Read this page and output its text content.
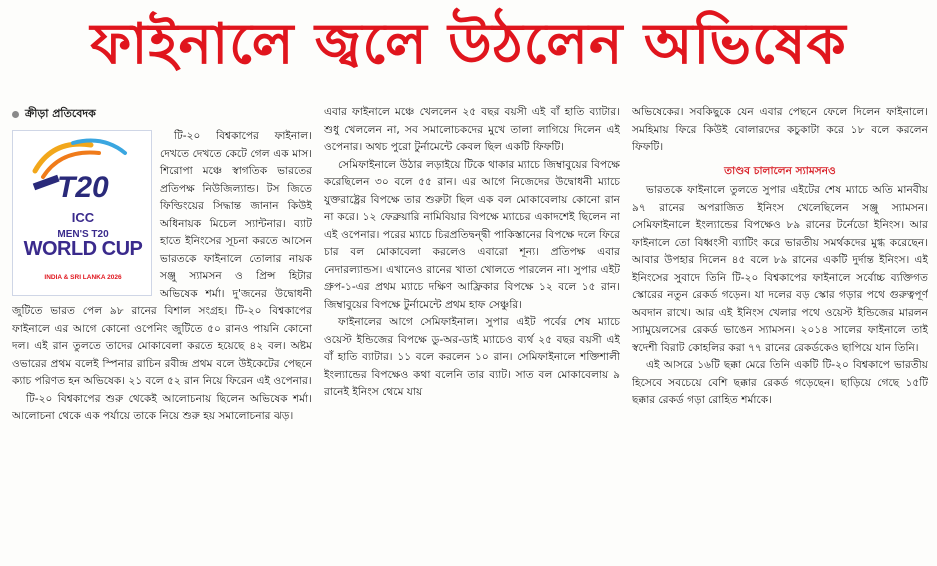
ফাইনালে জ্বলে উঠলেন অভিষেক
ক্রীড়া প্রতিবেদক
T20
ICC
MEN'S T20
WORLD CUP
INDIA & SRI LANKA 2026

টি-২০ বিশ্বকাপের ফাইনাল। দেখতে দেখতে কেটে গেল এক মাস। শিরোপা মঞ্চে স্বাগতিক ভারতের প্রতিপক্ষ নিউজিল্যান্ড। টস জিতে ফিল্ডিংয়ের সিদ্ধান্ত জানান কিউই অধিনায়ক মিচেল স্যান্টনার। ব্যাট হাতে ইনিংসের সূচনা করতে আসেন ভারতকে ফাইনালে তোলার নায়ক সঞ্জু স্যামসন ও প্রিন্স হিটার অভিষেক শর্মা। দু'জনের উদ্বোধনী জুটিতে ভারত পেল ৯৮ রানের বিশাল সংগ্রহ। টি-২০ বিশ্বকাপের ফাইনালে এর আগে কোনো ওপেনিং জুটিতে ৫০ রানও পায়নি কোনো দল। এই রান তুলতে তাদের মোকাবেলা করতে হয়েছে ৪২ বল। অষ্টম ওভারের প্রথম বলেই স্পিনার রাচিন রবীন্দ্র প্রথম বলে উইকেটের পেছনে ক্যাচ পরিণত হন অভিষেক। ২১ বলে ৫২ রান নিয়ে ফিরেন এই ওপেনার।

টি-২০ বিশ্বকাপের শুরু থেকেই আলোচনায় ছিলেন অভিষেক শর্মা। আলোচনা থেকে এক পর্যায়ে তাকে নিয়ে শুরু হয় সমালোচনার ঝড়।

এবার ফাইনালে মঞ্চে খেললেন ২৫ বছর বয়সী এই বাঁ হাতি ব্যাটার। শুধু খেললেন না, সব সমালোচকদের মুখে তালা লাগিয়ে দিলেন এই ওপেনার। অথচ পুরো টুর্নামেন্টে কেবল ছিল একটি ফিফটি।

সেমিফাইনালে উঠার লড়াইয়ে টিকে থাকার ম্যাচে জিম্বাবুয়ের বিপক্ষে করেছিলেন ৩০ বলে ৫৫ রান। এর আগে নিজেদের উদ্বোধনী ম্যাচে যুক্তরাষ্ট্রের বিপক্ষে তার শুরুটা ছিল এক বল মোকাবেলায় কোনো রান না করে। ১২ ফেব্রুয়ারি নামিবিয়ার বিপক্ষে ম্যাচের একাদশেই ছিলেন না এই ওপেনার। পরের ম্যাচে চিরপ্রতিদ্বন্দ্বী পাকিস্তানের বিপক্ষে দলে ফিরে চার বল মোকাবেলা করলেও এবারো শূন্য। প্রতিপক্ষ এবার নেদারল্যান্ডস। এখানেও রানের খাতা খোলতে পারলেন না। সুপার এইট গ্রুপ-১-এর প্রথম ম্যাচে দক্ষিণ আফ্রিকার বিপক্ষে ১২ বলে ১৫ রান। জিম্বাবুয়ের বিপক্ষে টুর্নামেন্টে প্রথম হাফ সেঞ্চুরি।

ফাইনালের আগে সেমিফাইনাল। সুপার এইট পর্বের শেষ ম্যাচে ওয়েস্ট ইন্ডিজের বিপক্ষে ডু-অর-ডাই ম্যাচেও ব্যর্থ ২৫ বছর বয়সী এই বাঁ হাতি ব্যাটার। ১১ বলে করলেন ১০ রান। সেমিফাইনালে শক্তিশালী ইংল্যান্ডের বিপক্ষেও কথা বলেনি তার ব্যাট। সাত বল মোকাবেলায় ৯ রানেই ইনিংস থেমে যায়

অভিষেকের। সবকিছুকে যেন এবার পেছনে ফেলে দিলেন ফাইনালে। সমহিমায় ফিরে কিউই বোলারদের কচুকাটা করে ১৮ বলে করলেন ফিফটি।

তাণ্ডব চালালেন স্যামসনও

ভারতকে ফাইনালে তুলতে সুপার এইটের শেষ ম্যাচে অতি মানবীয় ৯৭ রানের অপরাজিত ইনিংস খেলেছিলেন সঞ্জু স্যামসন। সেমিফাইনালে ইংল্যান্ডের বিপক্ষেও ৮৯ রানের টর্নেডো ইনিংস। আর ফাইনালে তো বিধ্বংসী ব্যাটিং করে ভারতীয় সমর্থকদের মুগ্ধ করেছেন। আবার উপহার দিলেন ৪৫ বলে ৮৯ রানের একটি দুর্দান্ত ইনিংস। এই ইনিংসের সুবাদে তিনি টি-২০ বিশ্বকাপের ফাইনালে সর্বোচ্চ ব্যক্তিগত স্কোরের নতুন রেকর্ড গড়েন। যা দলের বড় স্কোর গড়ার পথে গুরুত্বপূর্ণ অবদান রাখে। আর এই ইনিংস খেলার পথে ওয়েস্ট ইন্ডিজের মারলন স্যামুয়েলসের রেকর্ড ভাঙেন স্যামসন। ২০১৪ সালের ফাইনালে তাই স্বদেশী বিরাট কোহলির করা ৭৭ রানের রেকর্ডকেও ছাপিয়ে যান তিনি।

এই আসরে ১৬টি ছক্কা মেরে তিনি একটি টি-২০ বিশ্বকাপে ভারতীয় হিসেবে সবচেয়ে বেশি ছক্কার রেকর্ড গড়েছেন। ছাড়িয়ে গেছে ১৫টি ছক্কার রেকর্ড গড়া রোহিত শর্মাকে।
